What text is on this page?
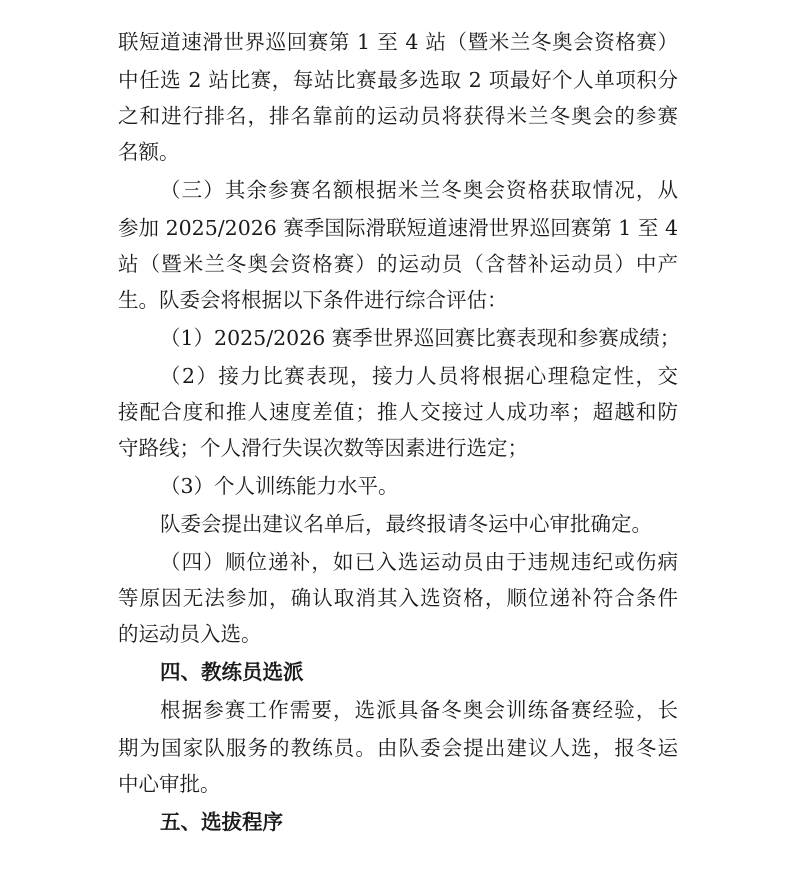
联短道速滑世界巡回赛第 1 至 4 站（暨米兰冬奥会资格赛）
中任选 2 站比赛，每站比赛最多选取 2 项最好个人单项积分
之和进行排名，排名靠前的运动员将获得米兰冬奥会的参赛
名额。
（三）其余参赛名额根据米兰冬奥会资格获取情况，从
参加 2025/2026 赛季国际滑联短道速滑世界巡回赛第 1 至 4
站（暨米兰冬奥会资格赛）的运动员（含替补运动员）中产
生。队委会将根据以下条件进行综合评估：
（1）2025/2026 赛季世界巡回赛比赛表现和参赛成绩；
（2）接力比赛表现，接力人员将根据心理稳定性，交
接配合度和推人速度差值；推人交接过人成功率；超越和防
守路线；个人滑行失误次数等因素进行选定；
（3）个人训练能力水平。
队委会提出建议名单后，最终报请冬运中心审批确定。
（四）顺位递补，如已入选运动员由于违规违纪或伤病
等原因无法参加，确认取消其入选资格，顺位递补符合条件
的运动员入选。
四、教练员选派
根据参赛工作需要，选派具备冬奥会训练备赛经验，长
期为国家队服务的教练员。由队委会提出建议人选，报冬运
中心审批。
五、选拔程序
